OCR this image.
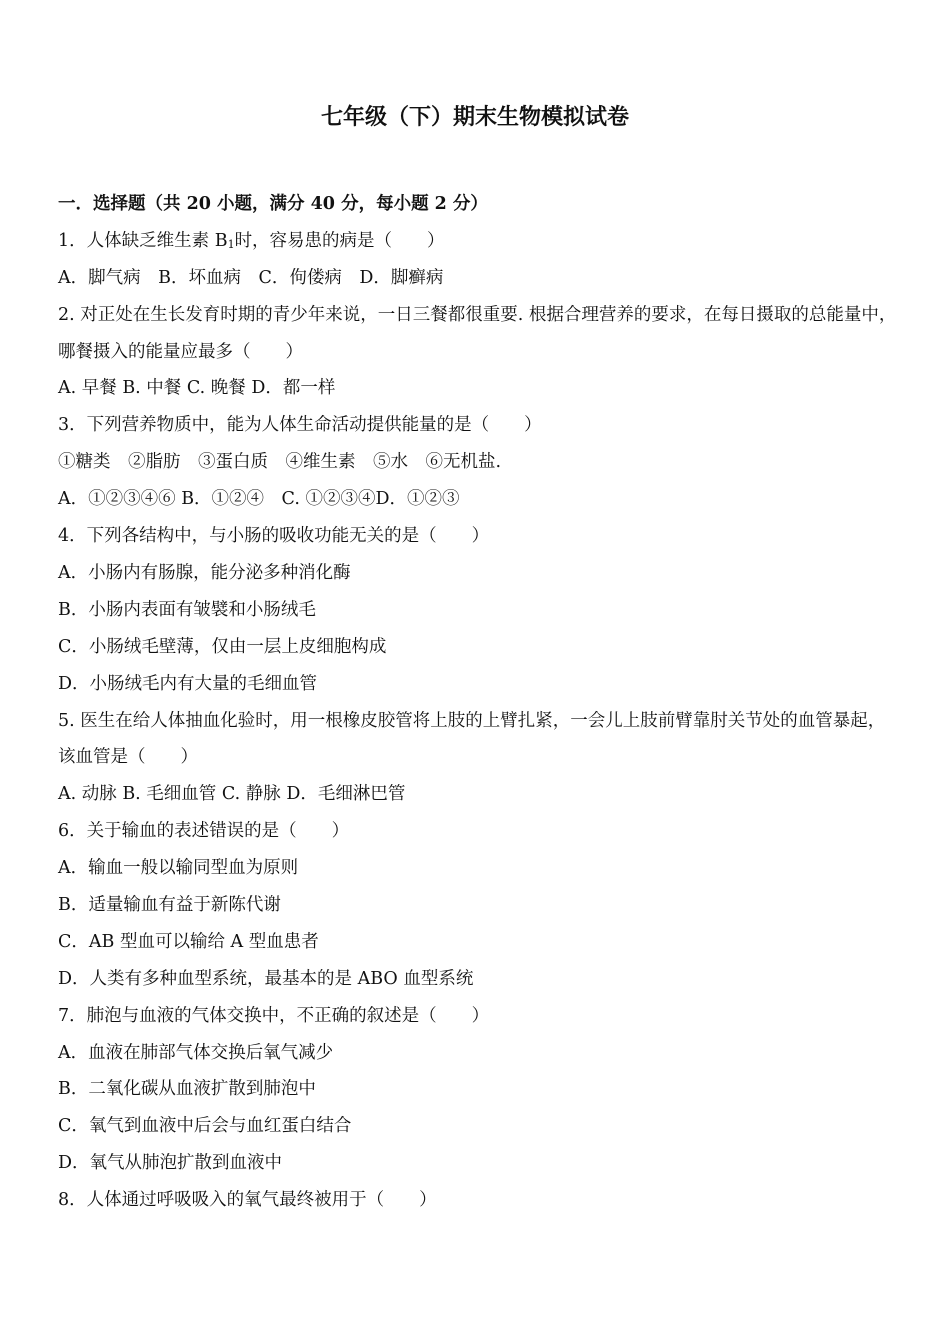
七年级（下）期末生物模拟试卷
一．选择题（共 20 小题，满分 40 分，每小题 2 分）
1．人体缺乏维生素 $B_1$时，容易患的病是（　　）
A．脚气病　B．坏血病　C．佝偻病　D．脚癣病
2. 对正处在生长发育时期的青少年来说，一日三餐都很重要. 根据合理营养的要求，在每日摄取的总能量中，哪餐摄入的能量应最多（　　）
A. 早餐 B. 中餐 C. 晚餐 D．都一样
3．下列营养物质中，能为人体生命活动提供能量的是（　　）
①糖类　②脂肪　③蛋白质　④维生素　⑤水　⑥无机盐.
A．①②③④⑥ B．①②④　C. ①②③④D．①②③
4．下列各结构中，与小肠的吸收功能无关的是（　　）
A．小肠内有肠腺，能分泌多种消化酶
B．小肠内表面有皱襞和小肠绒毛
C．小肠绒毛壁薄，仅由一层上皮细胞构成
D．小肠绒毛内有大量的毛细血管
5. 医生在给人体抽血化验时，用一根橡皮胶管将上肢的上臂扎紧，一会儿上肢前臂靠肘关节处的血管暴起，该血管是（　　）
A. 动脉 B. 毛细血管 C. 静脉 D．毛细淋巴管
6．关于输血的表述错误的是（　　）
A．输血一般以输同型血为原则
B．适量输血有益于新陈代谢
C．AB 型血可以输给 A 型血患者
D．人类有多种血型系统，最基本的是 ABO 血型系统
7．肺泡与血液的气体交换中，不正确的叙述是（　　）
A．血液在肺部气体交换后氧气减少
B．二氧化碳从血液扩散到肺泡中
C．氧气到血液中后会与血红蛋白结合
D．氧气从肺泡扩散到血液中
8．人体通过呼吸吸入的氧气最终被用于（　　）
